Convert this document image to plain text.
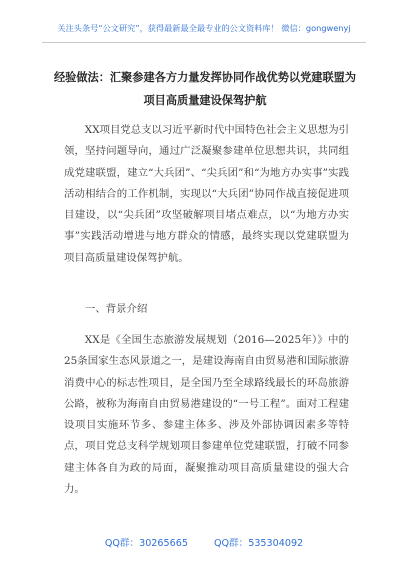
关注头条号“公文研究”，获得最新最全最专业的公文资料库！ 微信：gongwenyj
经验做法：汇聚参建各方力量发挥协同作战优势以党建联盟为项目高质量建设保驾护航

XX项目党总支以习近平新时代中国特色社会主义思想为引领，坚持问题导向，通过广泛凝聚参建单位思想共识，共同组成党建联盟，建立“大兵团”、“尖兵团”和“为地方办实事”实践活动相结合的工作机制，实现以“大兵团”协同作战直接促进项目建设，以“尖兵团”攻坚破解项目堵点难点，以“为地方办实事”实践活动增进与地方群众的情感，最终实现以党建联盟为项目高质量建设保驾护航。

一、背景介绍

XX是《全国生态旅游发展规划（2016—2025年）》中的25条国家生态风景道之一，是建设海南自由贸易港和国际旅游消费中心的标志性项目，是全国乃至全球路线最长的环岛旅游公路，被称为海南自由贸易港建设的“一号工程”。面对工程建设项目实施环节多、参建主体多、涉及外部协调因素多等特点，项目党总支科学规划项目参建单位党建联盟，打破不同参建主体各自为政的局面，凝聚推动项目高质量建设的强大合力。

QQ群：30265665	QQ群：535304092
